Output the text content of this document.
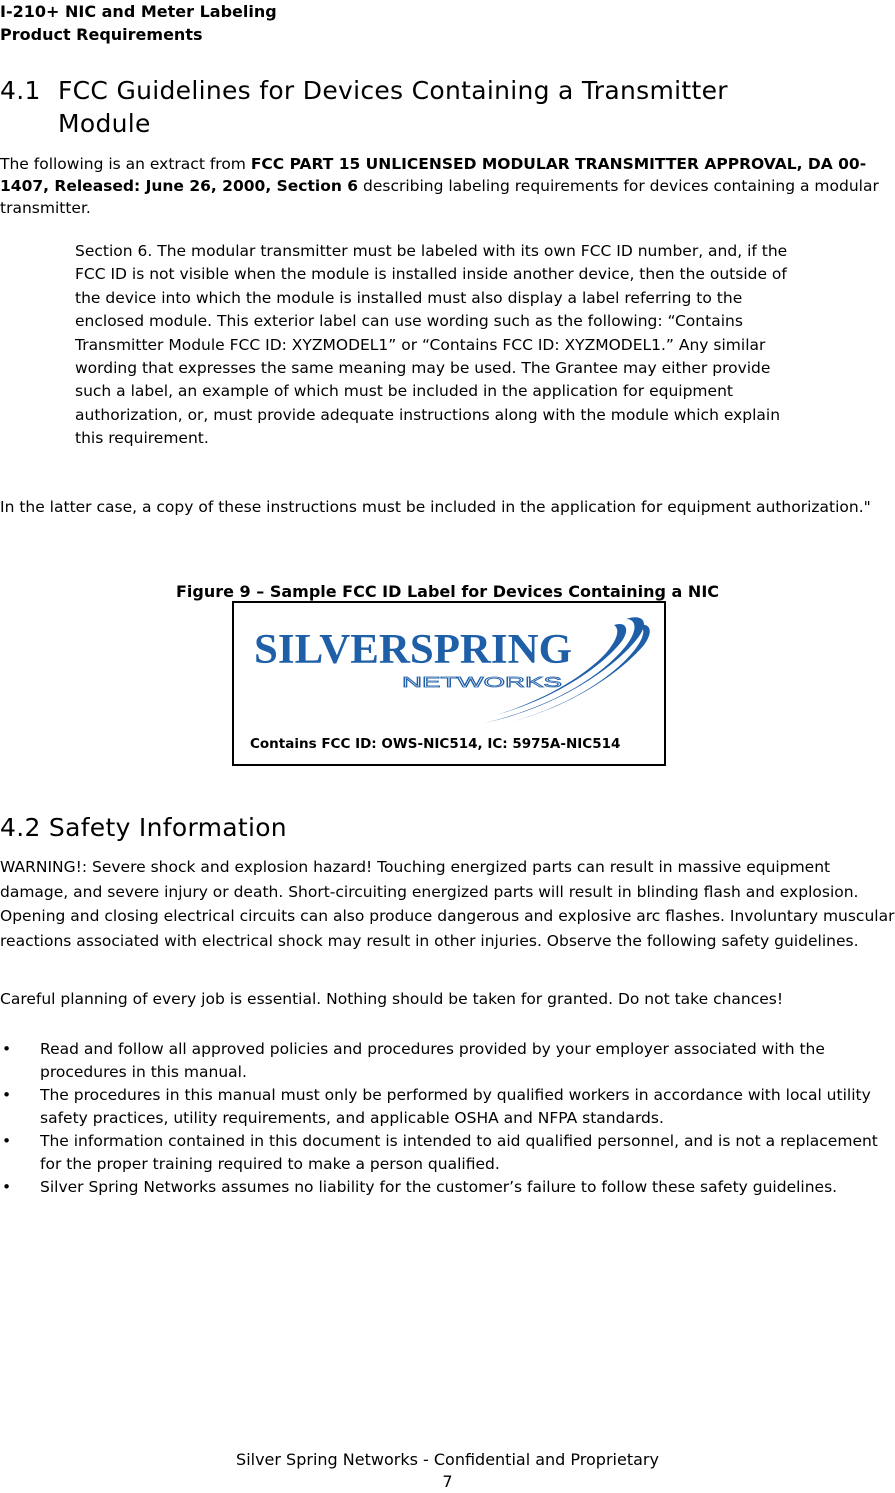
I-210+ NIC and Meter Labeling
Product Requirements
4.1 FCC Guidelines for Devices Containing a Transmitter
Module

The following is an extract from FCC PART 15 UNLICENSED MODULAR TRANSMITTER APPROVAL, DA 00-1407, Released: June 26, 2000, Section 6 describing labeling requirements for devices containing a modular transmitter.

Section 6. The modular transmitter must be labeled with its own FCC ID number, and, if the FCC ID is not visible when the module is installed inside another device, then the outside of the device into which the module is installed must also display a label referring to the enclosed module. This exterior label can use wording such as the following: “Contains Transmitter Module FCC ID: XYZMODEL1” or “Contains FCC ID: XYZMODEL1.” Any similar wording that expresses the same meaning may be used. The Grantee may either provide such a label, an example of which must be included in the application for equipment authorization, or, must provide adequate instructions along with the module which explain this requirement.

In the latter case, a copy of these instructions must be included in the application for equipment authorization."

Figure 9 – Sample FCC ID Label for Devices Containing a NIC
SILVERSPRING
NETWORKS
Contains FCC ID: OWS-NIC514, IC: 5975A-NIC514
4.2 Safety Information

WARNING!: Severe shock and explosion hazard! Touching energized parts can result in massive equipment damage, and severe injury or death. Short-circuiting energized parts will result in blinding flash and explosion. Opening and closing electrical circuits can also produce dangerous and explosive arc flashes. Involuntary muscular reactions associated with electrical shock may result in other injuries. Observe the following safety guidelines.

Careful planning of every job is essential. Nothing should be taken for granted. Do not take chances!

• Read and follow all approved policies and procedures provided by your employer associated with the procedures in this manual.
• The procedures in this manual must only be performed by qualified workers in accordance with local utility safety practices, utility requirements, and applicable OSHA and NFPA standards.
• The information contained in this document is intended to aid qualified personnel, and is not a replacement for the proper training required to make a person qualified.
• Silver Spring Networks assumes no liability for the customer’s failure to follow these safety guidelines.
Silver Spring Networks - Confidential and Proprietary
7
